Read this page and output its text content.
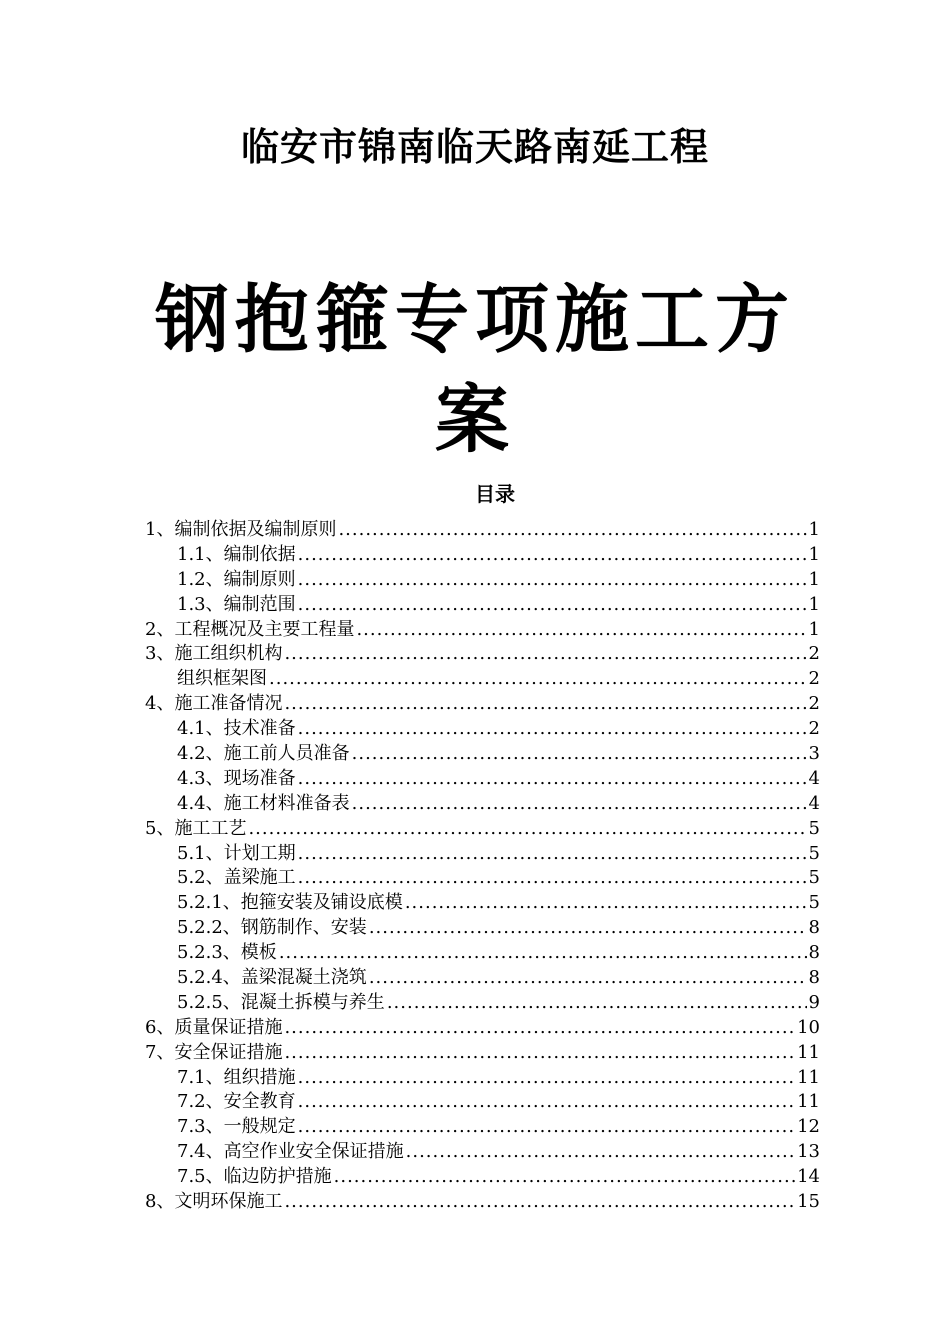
临安市锦南临天路南延工程
钢抱箍专项施工方案
目录
1、编制依据及编制原则 .....	1
1.1、编制依据 .....	1
1.2、编制原则 .....	1
1.3、编制范围 .....	1
2、工程概况及主要工程量 .....	1
3、施工组织机构 .....	2
组织框架图 .....	2
4、施工准备情况 .....	2
4.1、技术准备 .....	2
4.2、施工前人员准备 .....	3
4.3、现场准备 .....	4
4.4、施工材料准备表 .....	4
5、施工工艺 .....	5
5.1、计划工期 .....	5
5.2、盖梁施工 .....	5
5.2.1、抱箍安装及铺设底模 .....	5
5.2.2、钢筋制作、安装 .....	8
5.2.3、模板 .....	8
5.2.4、盖梁混凝土浇筑 .....	8
5.2.5、混凝土拆模与养生 .....	9
6、质量保证措施 .....	10
7、安全保证措施 .....	11
7.1、组织措施 .....	11
7.2、安全教育 .....	11
7.3、一般规定 .....	12
7.4、高空作业安全保证措施 .....	13
7.5、临边防护措施 .....	14
8、文明环保施工 .....	15
